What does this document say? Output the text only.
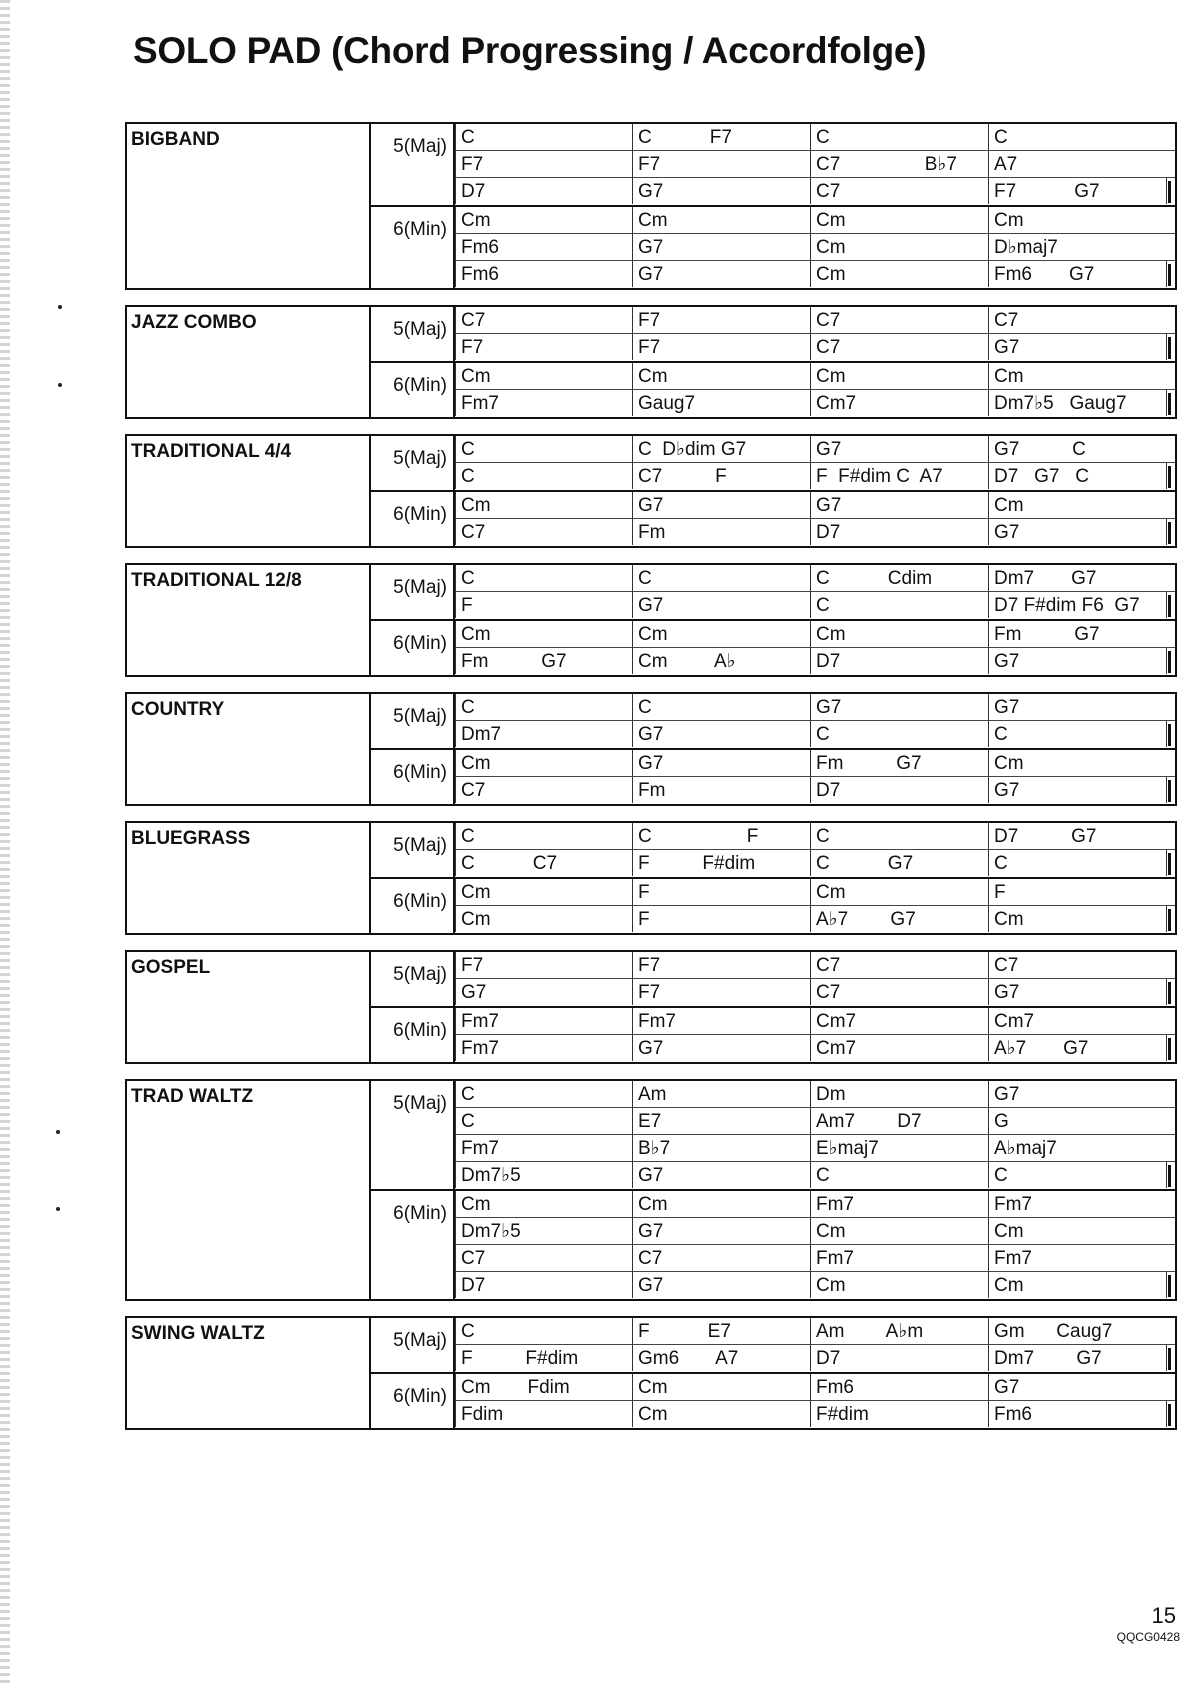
SOLO PAD (Chord Progressing / Accordfolge)
BIGBAND	5(Maj) C	C           F7	C	C
F7	F7	C7                B♭7	A7
D7	G7	C7	F7           G7
6(Min) Cm	Cm	Cm	Cm
Fm6	G7	Cm	D♭maj7
Fm6	G7	Cm	Fm6       G7
JAZZ COMBO	5(Maj) C7	F7	C7	C7
F7	F7	C7	G7
6(Min) Cm	Cm	Cm	Cm
Fm7	Gaug7	Cm7	Dm7♭5   Gaug7
TRADITIONAL 4/4	5(Maj) C	C  D♭dim G7	G7	G7          C
C	C7          F	F  F#dim C  A7	D7   G7   C
6(Min) Cm	G7	G7	Cm
C7	Fm	D7	G7
TRADITIONAL 12/8	5(Maj) C	C	C           Cdim	Dm7       G7
F	G7	C	D7 F#dim F6  G7
6(Min) Cm	Cm	Cm	Fm          G7
Fm          G7	Cm         A♭	D7	G7
COUNTRY	5(Maj) C	C	G7	G7
Dm7	G7	C	C
6(Min) Cm	G7	Fm          G7	Cm
C7	Fm	D7	G7
BLUEGRASS	5(Maj) C	C                  F	C	D7          G7
C           C7	F          F#dim	C           G7	C
6(Min) Cm	F	Cm	F
Cm	F	A♭7        G7	Cm
GOSPEL	5(Maj) F7	F7	C7	C7
G7	F7	C7	G7
6(Min) Fm7	Fm7	Cm7	Cm7
Fm7	G7	Cm7	A♭7       G7
TRAD WALTZ	5(Maj) C	Am	Dm	G7
C	E7	Am7        D7	G
Fm7	B♭7	E♭maj7	A♭maj7
Dm7♭5	G7	C	C
6(Min) Cm	Cm	Fm7	Fm7
Dm7♭5	G7	Cm	Cm
C7	C7	Fm7	Fm7
D7	G7	Cm	Cm
SWING WALTZ	5(Maj) C	F           E7	Am        A♭m	Gm      Caug7
F          F#dim	Gm6       A7	D7	Dm7        G7
6(Min) Cm       Fdim	Cm	Fm6	G7
Fdim	Cm	F#dim	Fm6
15
QQCG0428
